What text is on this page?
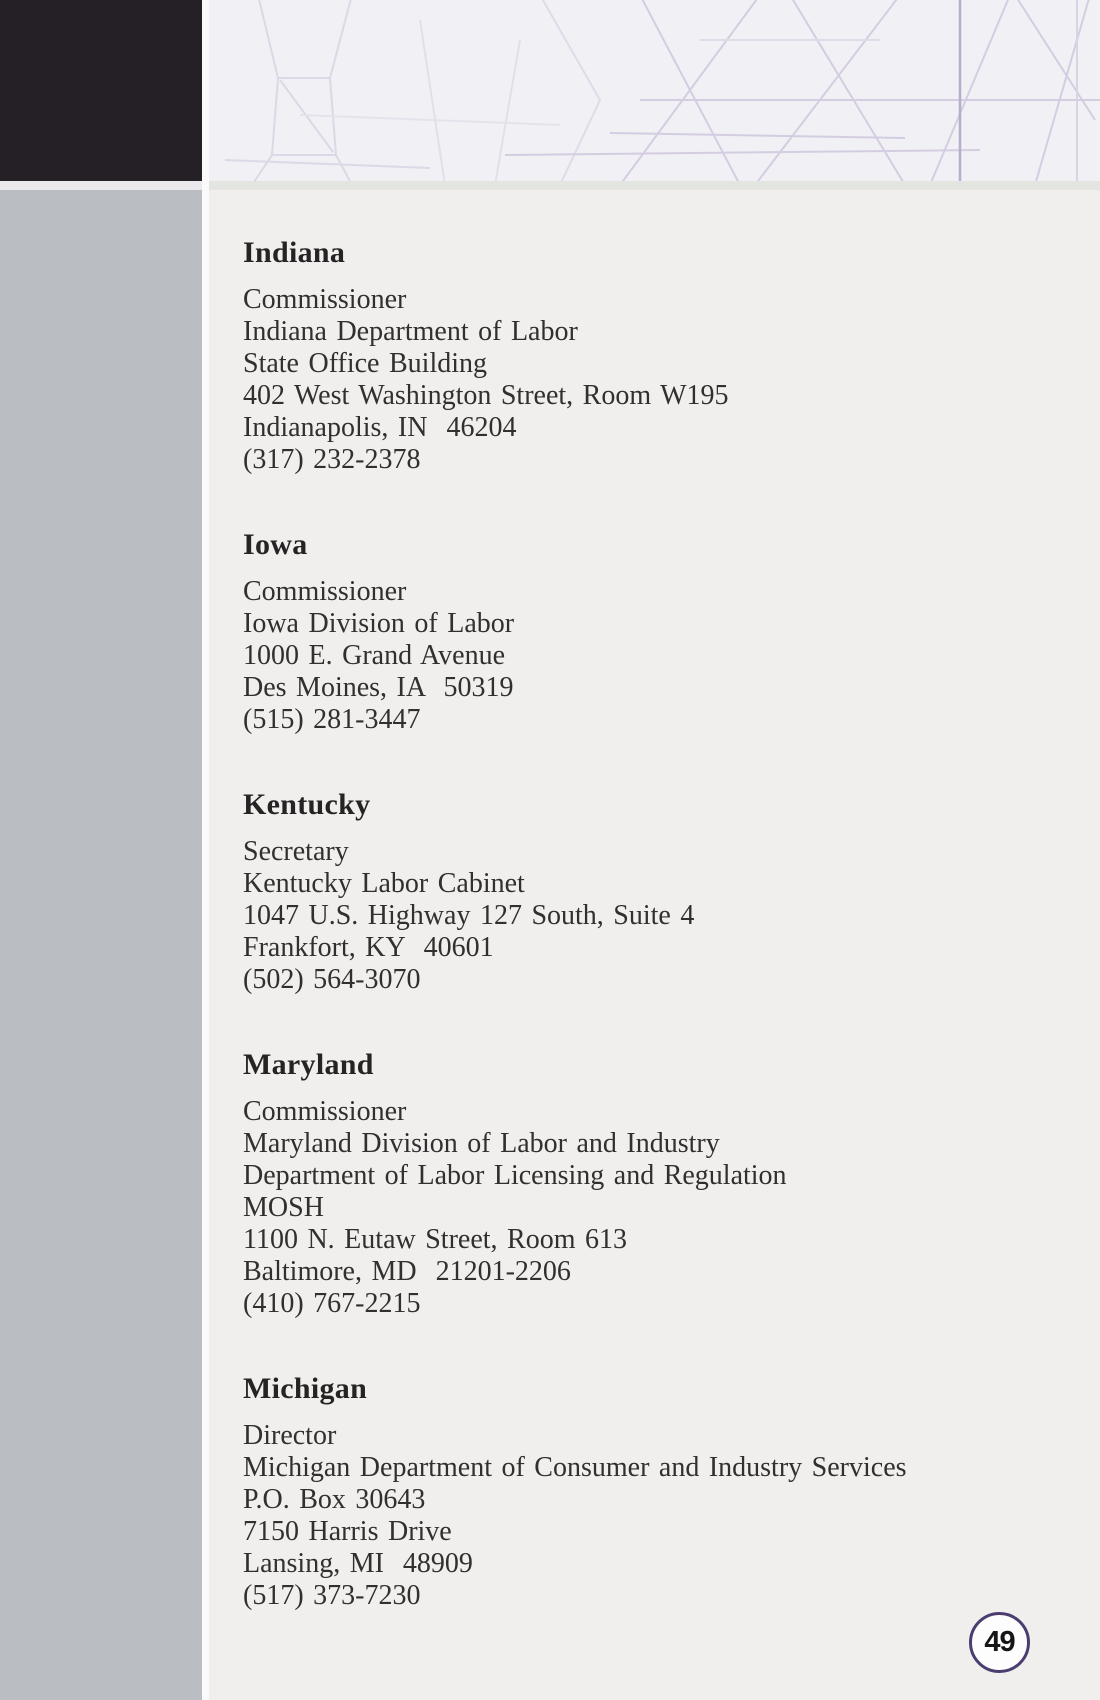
Indiana
Commissioner
Indiana Department of Labor
State Office Building
402 West Washington Street, Room W195
Indianapolis, IN  46204
(317) 232-2378
Iowa
Commissioner
Iowa Division of Labor
1000 E. Grand Avenue
Des Moines, IA  50319
(515) 281-3447
Kentucky
Secretary
Kentucky Labor Cabinet
1047 U.S. Highway 127 South, Suite 4
Frankfort, KY  40601
(502) 564-3070
Maryland
Commissioner
Maryland Division of Labor and Industry
Department of Labor Licensing and Regulation
MOSH
1100 N. Eutaw Street, Room 613
Baltimore, MD  21201-2206
(410) 767-2215
Michigan
Director
Michigan Department of Consumer and Industry Services
P.O. Box 30643
7150 Harris Drive
Lansing, MI  48909
(517) 373-7230
49
